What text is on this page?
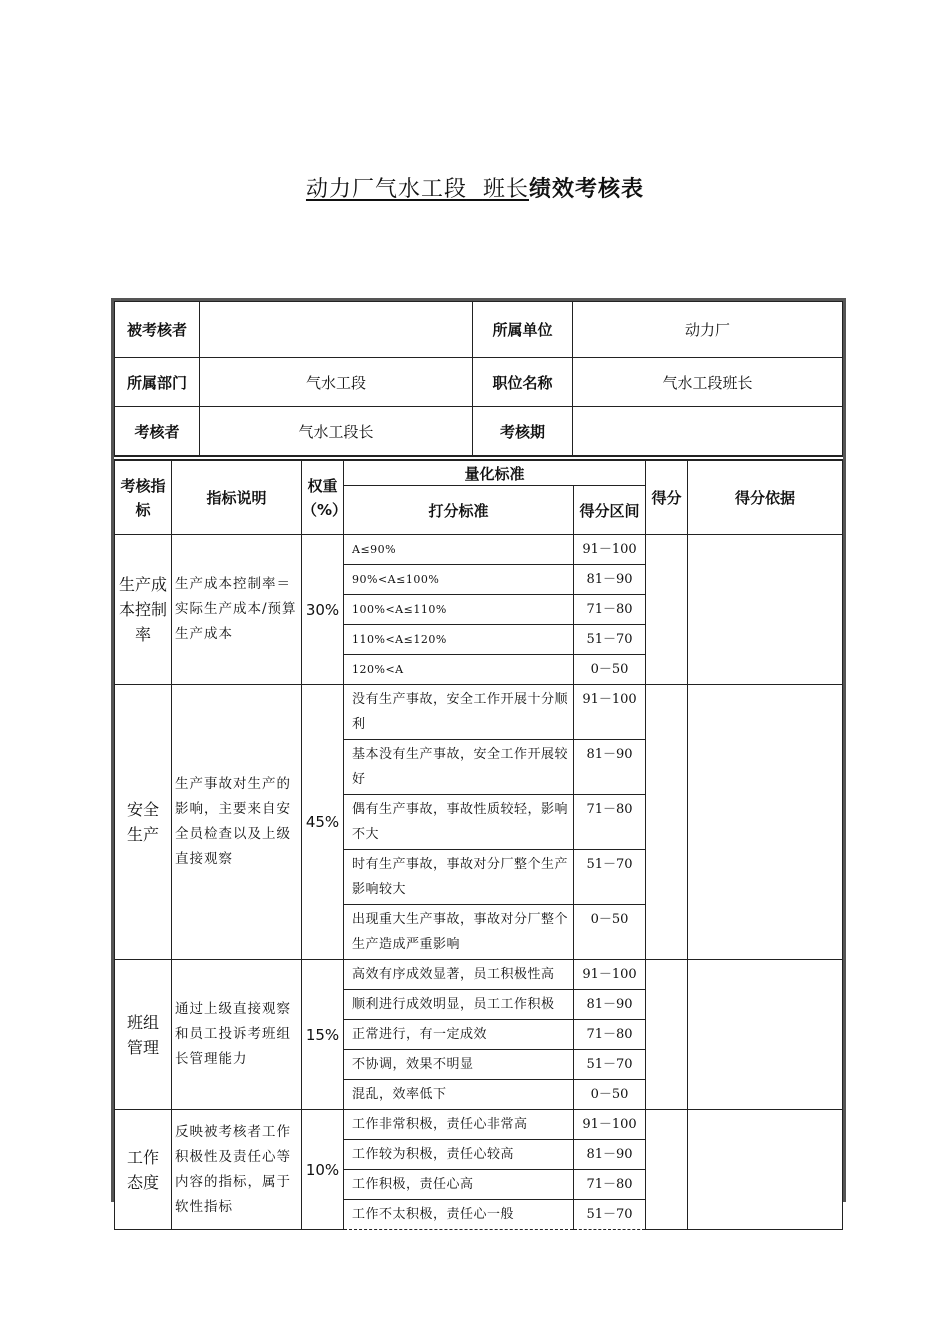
动力厂气水工段 班长绩效考核表
被考核者		所属单位	动力厂
所属部门	气水工段	职位名称	气水工段班长
考核者	气水工段长	考核期	
考核指标	指标说明	权重（%）	量化标准		得分	得分依据
			打分标准	得分区间		
生产成本控制率	生产成本控制率＝实际生产成本/预算生产成本	30%	A≤90%	91－100		
			90%<A≤100%	81－90		
			100%<A≤110%	71－80		
			110%<A≤120%	51－70		
			120%<A	0－50		
安全生产	生产事故对生产的影响，主要来自安全员检查以及上级直接观察	45%	没有生产事故，安全工作开展十分顺利	91－100		
			基本没有生产事故，安全工作开展较好	81－90		
			偶有生产事故，事故性质较轻，影响不大	71－80		
			时有生产事故，事故对分厂整个生产影响较大	51－70		
			出现重大生产事故，事故对分厂整个生产造成严重影响	0－50		
班组管理	通过上级直接观察和员工投诉考班组长管理能力	15%	高效有序成效显著，员工积极性高	91－100		
			顺利进行成效明显，员工工作积极	81－90		
			正常进行，有一定成效	71－80		
			不协调，效果不明显	51－70		
			混乱，效率低下	0－50		
工作态度	反映被考核者工作积极性及责任心等内容的指标，属于软性指标	10%	工作非常积极，责任心非常高	91－100		
			工作较为积极，责任心较高	81－90		
			工作积极，责任心高	71－80		
			工作不太积极，责任心一般	51－70		
